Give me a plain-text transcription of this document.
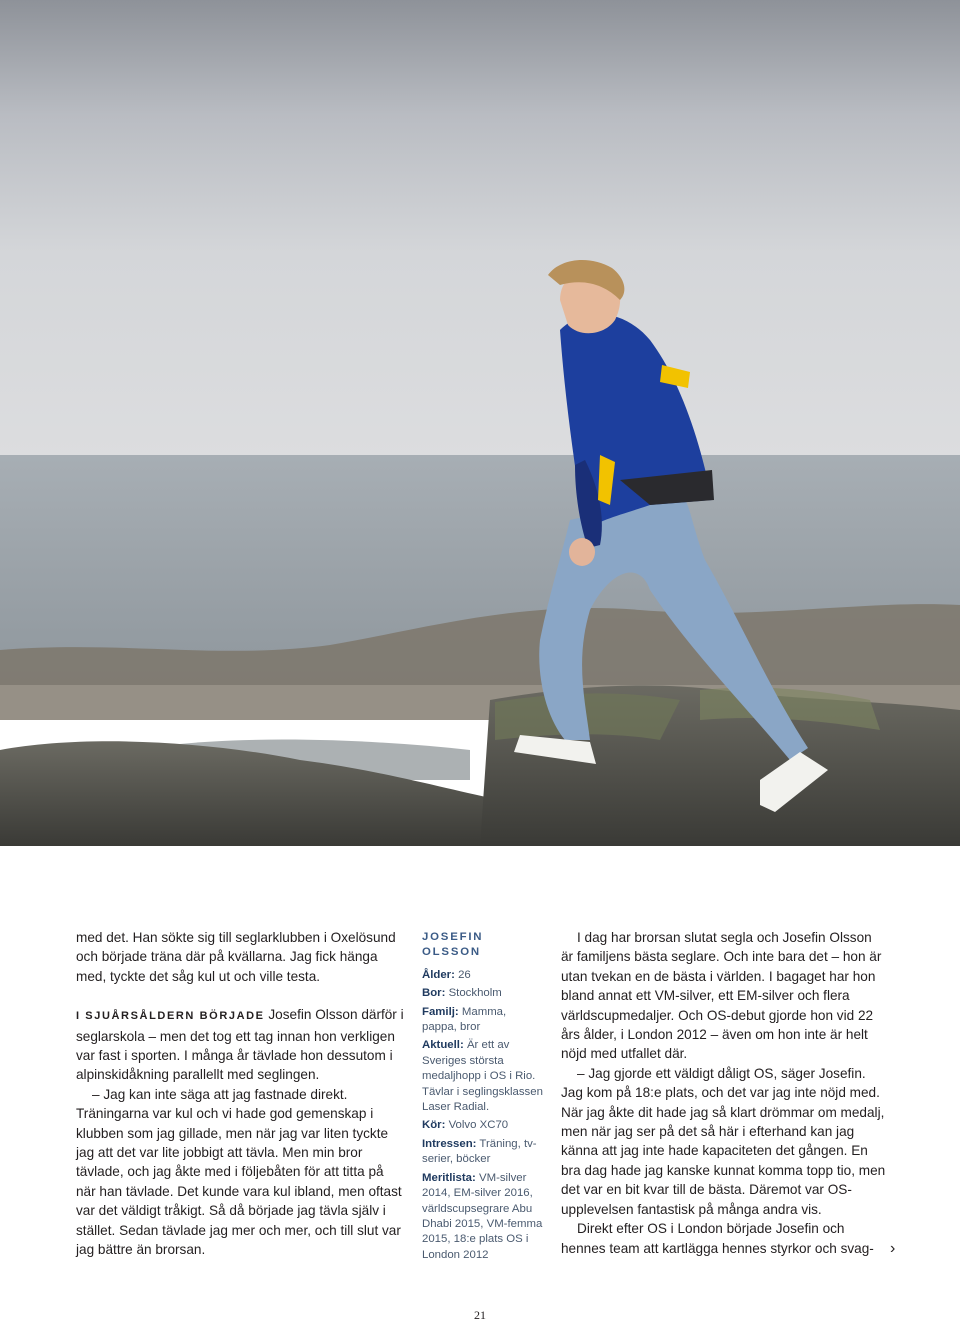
med det. Han sökte sig till seglarklubben i Oxelösund och började träna där på kvällarna. Jag fick hänga med, tyckte det såg kul ut och ville testa.

I SJUÅRSÅLDERN BÖRJADE Josefin Olsson därför i seglarskola – men det tog ett tag innan hon verkligen var fast i sporten. I många år tävlade hon dessutom i alpinskidåkning parallellt med seglingen.

– Jag kan inte säga att jag fastnade direkt. Träningarna var kul och vi hade god gemenskap i klubben som jag gillade, men när jag var liten tyckte jag att det var lite jobbigt att tävla. Men min bror tävlade, och jag åkte med i följebåten för att titta på när han tävlade. Det kunde vara kul ibland, men oftast var det väldigt tråkigt. Så då började jag tävla själv i stället. Sedan tävlade jag mer och mer, och till slut var jag bättre än brorsan.

JOSEFIN OLSSON

Ålder: 26

Bor: Stockholm

Familj: Mamma, pappa, bror

Aktuell: Är ett av Sveriges största medaljhopp i OS i Rio. Tävlar i seglingsklassen Laser Radial.

Kör: Volvo XC70

Intressen: Träning, tv-serier, böcker

Meritlista: VM-silver 2014, EM-silver 2016, världscupsegrare Abu Dhabi 2015, VM-femma 2015, 18:e plats OS i London 2012

I dag har brorsan slutat segla och Josefin Olsson är familjens bästa seglare. Och inte bara det – hon är utan tvekan en de bästa i världen. I bagaget har hon bland annat ett VM-silver, ett EM-silver och flera världscupmedaljer. Och OS-debut gjorde hon vid 22 års ålder, i London 2012 – även om hon inte är helt nöjd med utfallet där.

– Jag gjorde ett väldigt dåligt OS, säger Josefin. Jag kom på 18:e plats, och det var jag inte nöjd med. När jag åkte dit hade jag så klart drömmar om medalj, men när jag ser på det så här i efterhand kan jag känna att jag inte hade kapaciteten det gången. En bra dag hade jag kanske kunnat komma topp tio, men det var en bit kvar till de bästa. Däremot var OS-upplevelsen fantastisk på många andra vis.

Direkt efter OS i London började Josefin och hennes team att kartlägga hennes styrkor och svag-	›
21
